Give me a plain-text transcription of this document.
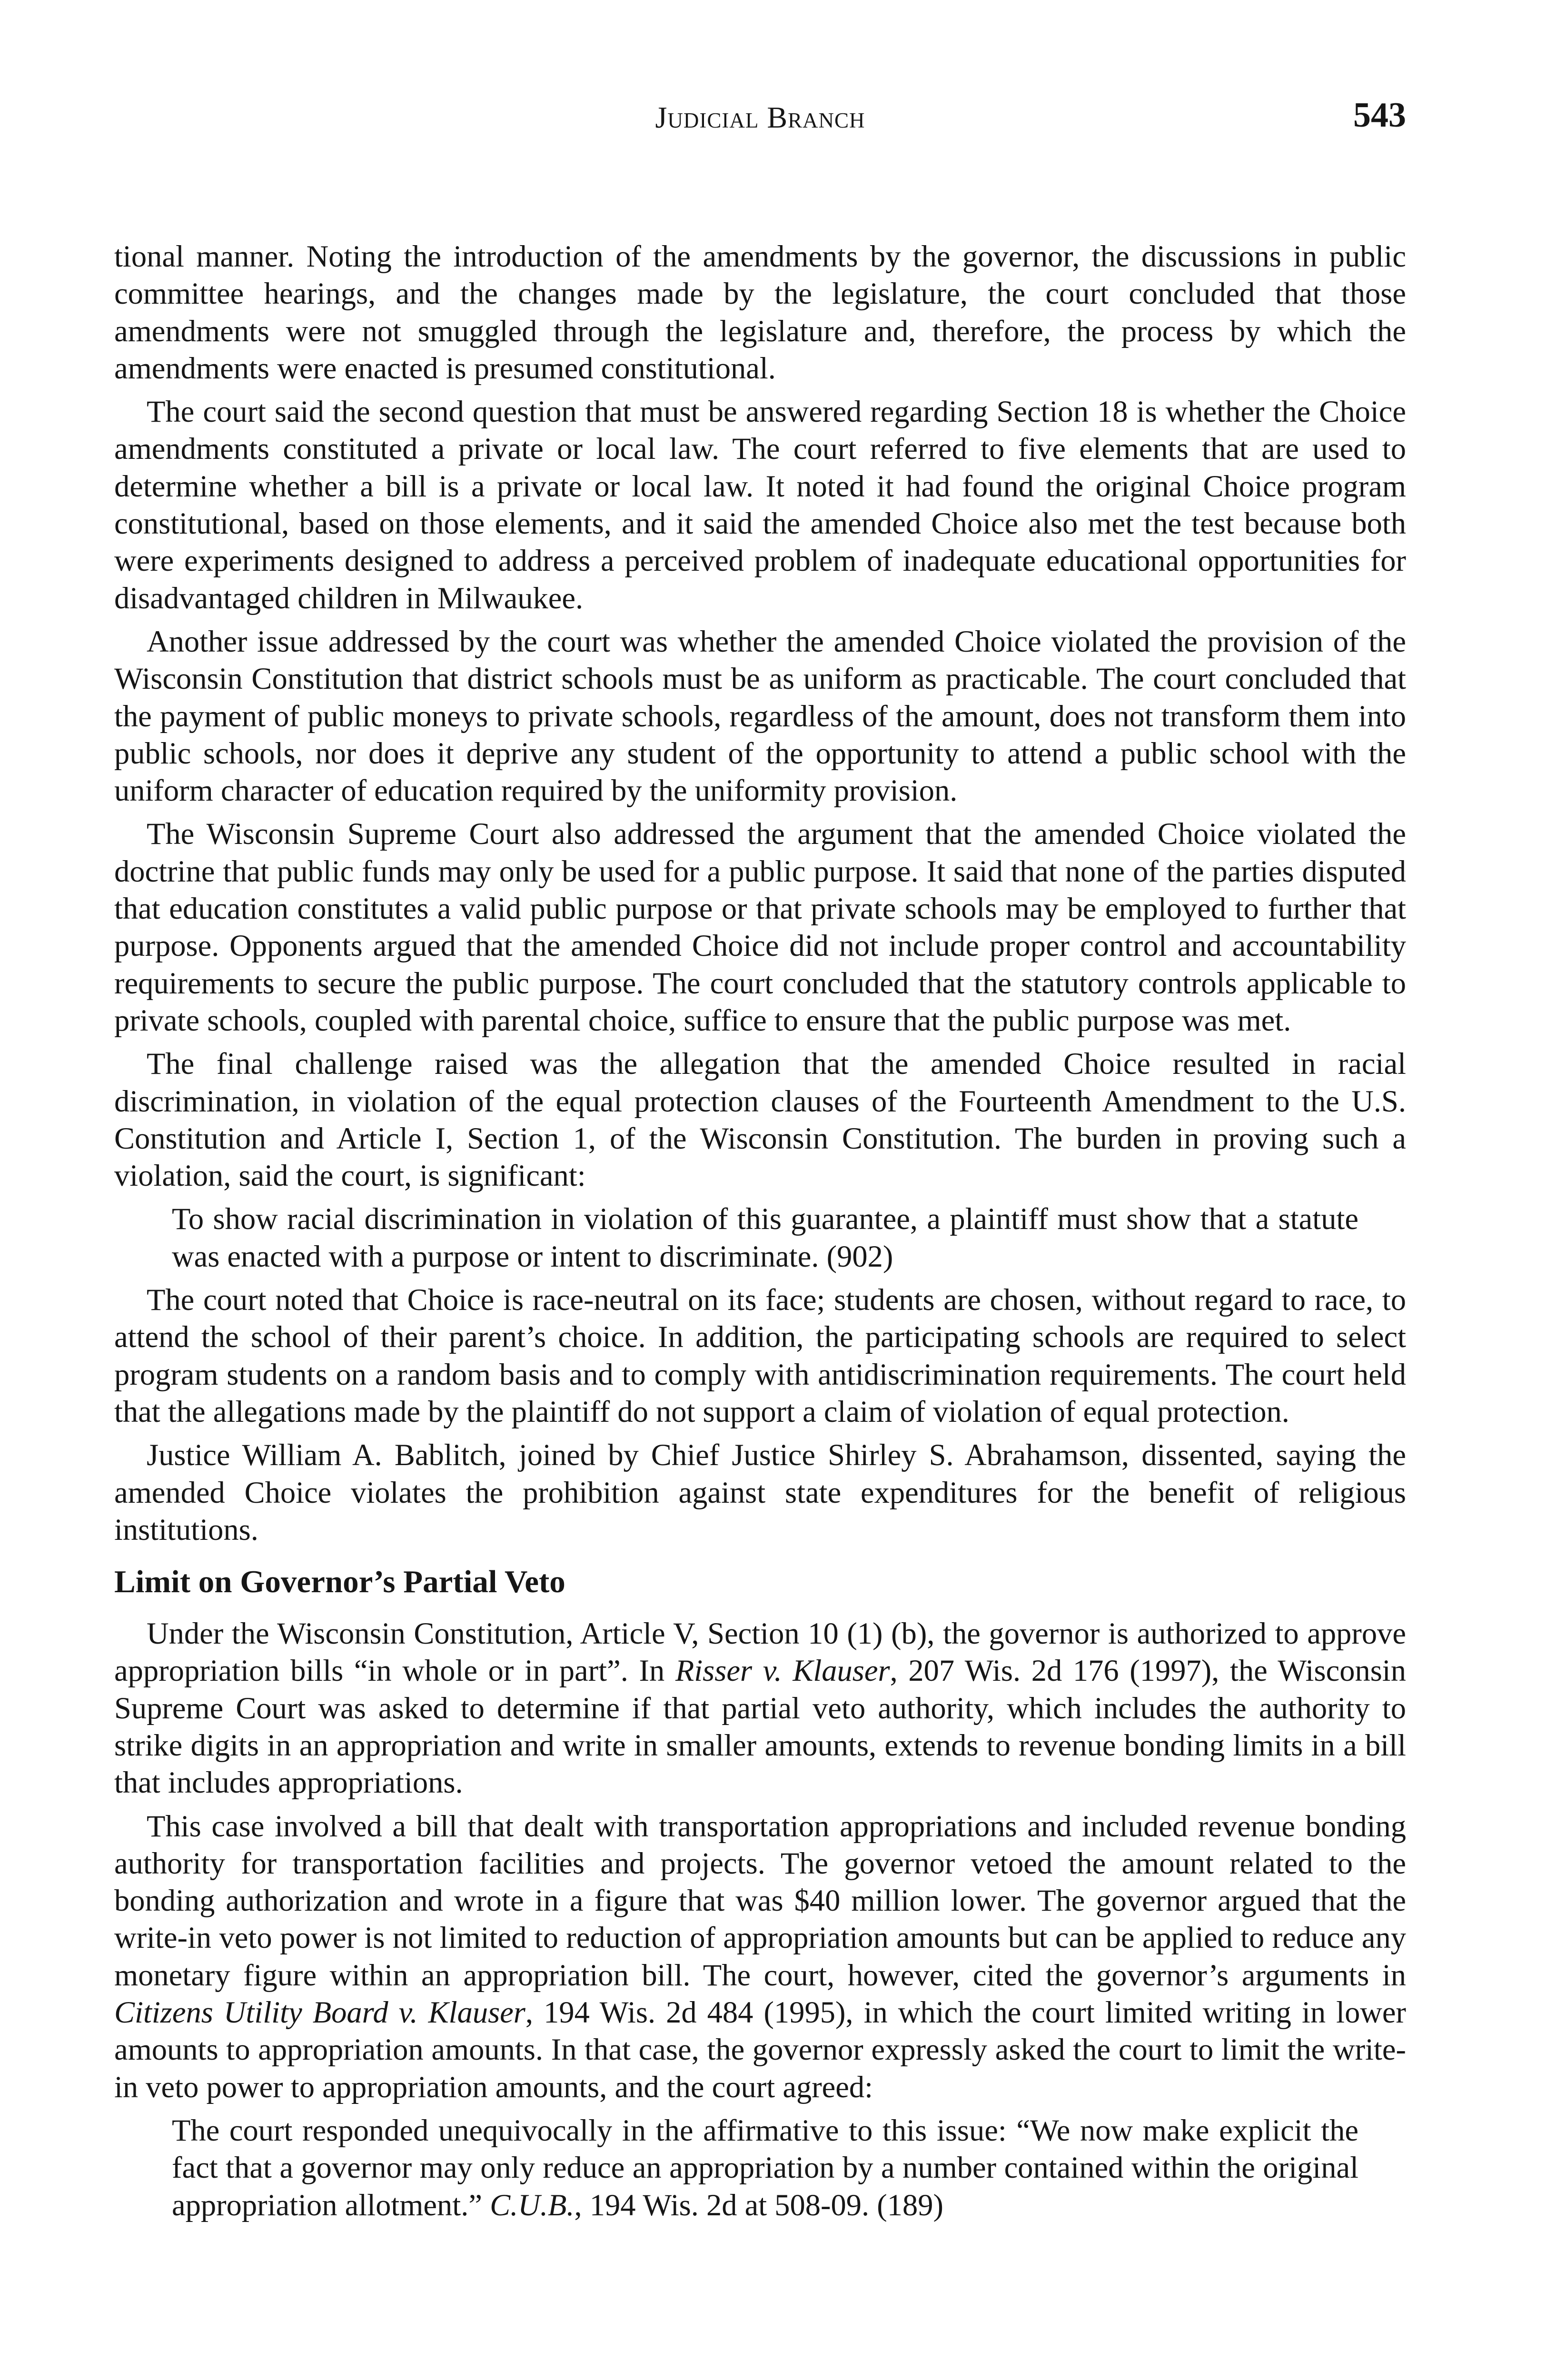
Judicial Branch	543

tional manner. Noting the introduction of the amendments by the governor, the discussions in public committee hearings, and the changes made by the legislature, the court concluded that those amendments were not smuggled through the legislature and, therefore, the process by which the amendments were enacted is presumed constitutional.

The court said the second question that must be answered regarding Section 18 is whether the Choice amendments constituted a private or local law. The court referred to five elements that are used to determine whether a bill is a private or local law. It noted it had found the original Choice program constitutional, based on those elements, and it said the amended Choice also met the test because both were experiments designed to address a perceived problem of inadequate educational opportunities for disadvantaged children in Milwaukee.

Another issue addressed by the court was whether the amended Choice violated the provision of the Wisconsin Constitution that district schools must be as uniform as practicable. The court concluded that the payment of public moneys to private schools, regardless of the amount, does not transform them into public schools, nor does it deprive any student of the opportunity to attend a public school with the uniform character of education required by the uniformity provision.

The Wisconsin Supreme Court also addressed the argument that the amended Choice violated the doctrine that public funds may only be used for a public purpose. It said that none of the parties disputed that education constitutes a valid public purpose or that private schools may be employed to further that purpose. Opponents argued that the amended Choice did not include proper control and accountability requirements to secure the public purpose. The court concluded that the statutory controls applicable to private schools, coupled with parental choice, suffice to ensure that the public purpose was met.

The final challenge raised was the allegation that the amended Choice resulted in racial discrimination, in violation of the equal protection clauses of the Fourteenth Amendment to the U.S. Constitution and Article I, Section 1, of the Wisconsin Constitution. The burden in proving such a violation, said the court, is significant:

To show racial discrimination in violation of this guarantee, a plaintiff must show that a statute was enacted with a purpose or intent to discriminate. (902)

The court noted that Choice is race-neutral on its face; students are chosen, without regard to race, to attend the school of their parent’s choice. In addition, the participating schools are required to select program students on a random basis and to comply with antidiscrimination requirements. The court held that the allegations made by the plaintiff do not support a claim of violation of equal protection.

Justice William A. Bablitch, joined by Chief Justice Shirley S. Abrahamson, dissented, saying the amended Choice violates the prohibition against state expenditures for the benefit of religious institutions.

Limit on Governor’s Partial Veto

Under the Wisconsin Constitution, Article V, Section 10 (1) (b), the governor is authorized to approve appropriation bills “in whole or in part”. In Risser v. Klauser, 207 Wis. 2d 176 (1997), the Wisconsin Supreme Court was asked to determine if that partial veto authority, which includes the authority to strike digits in an appropriation and write in smaller amounts, extends to revenue bonding limits in a bill that includes appropriations.

This case involved a bill that dealt with transportation appropriations and included revenue bonding authority for transportation facilities and projects. The governor vetoed the amount related to the bonding authorization and wrote in a figure that was $40 million lower. The governor argued that the write-in veto power is not limited to reduction of appropriation amounts but can be applied to reduce any monetary figure within an appropriation bill. The court, however, cited the governor’s arguments in Citizens Utility Board v. Klauser, 194 Wis. 2d 484 (1995), in which the court limited writing in lower amounts to appropriation amounts. In that case, the governor expressly asked the court to limit the write-in veto power to appropriation amounts, and the court agreed:

The court responded unequivocally in the affirmative to this issue: “We now make explicit the fact that a governor may only reduce an appropriation by a number contained within the original appropriation allotment.” C.U.B., 194 Wis. 2d at 508-09. (189)
